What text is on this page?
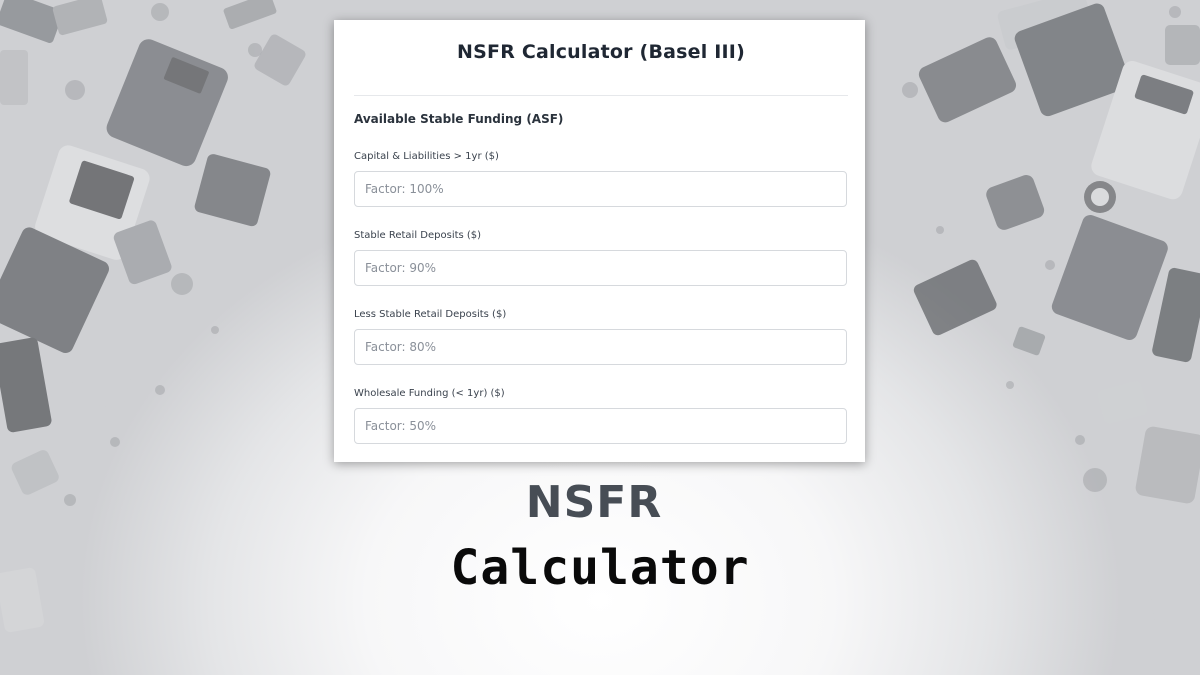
NSFR Calculator (Basel III)
Available Stable Funding (ASF)
Capital & Liabilities > 1yr ($)
Factor: 100%
Stable Retail Deposits ($)
Factor: 90%
Less Stable Retail Deposits ($)
Factor: 80%
Wholesale Funding (< 1yr) ($)
Factor: 50%
NSFR
Calculator
